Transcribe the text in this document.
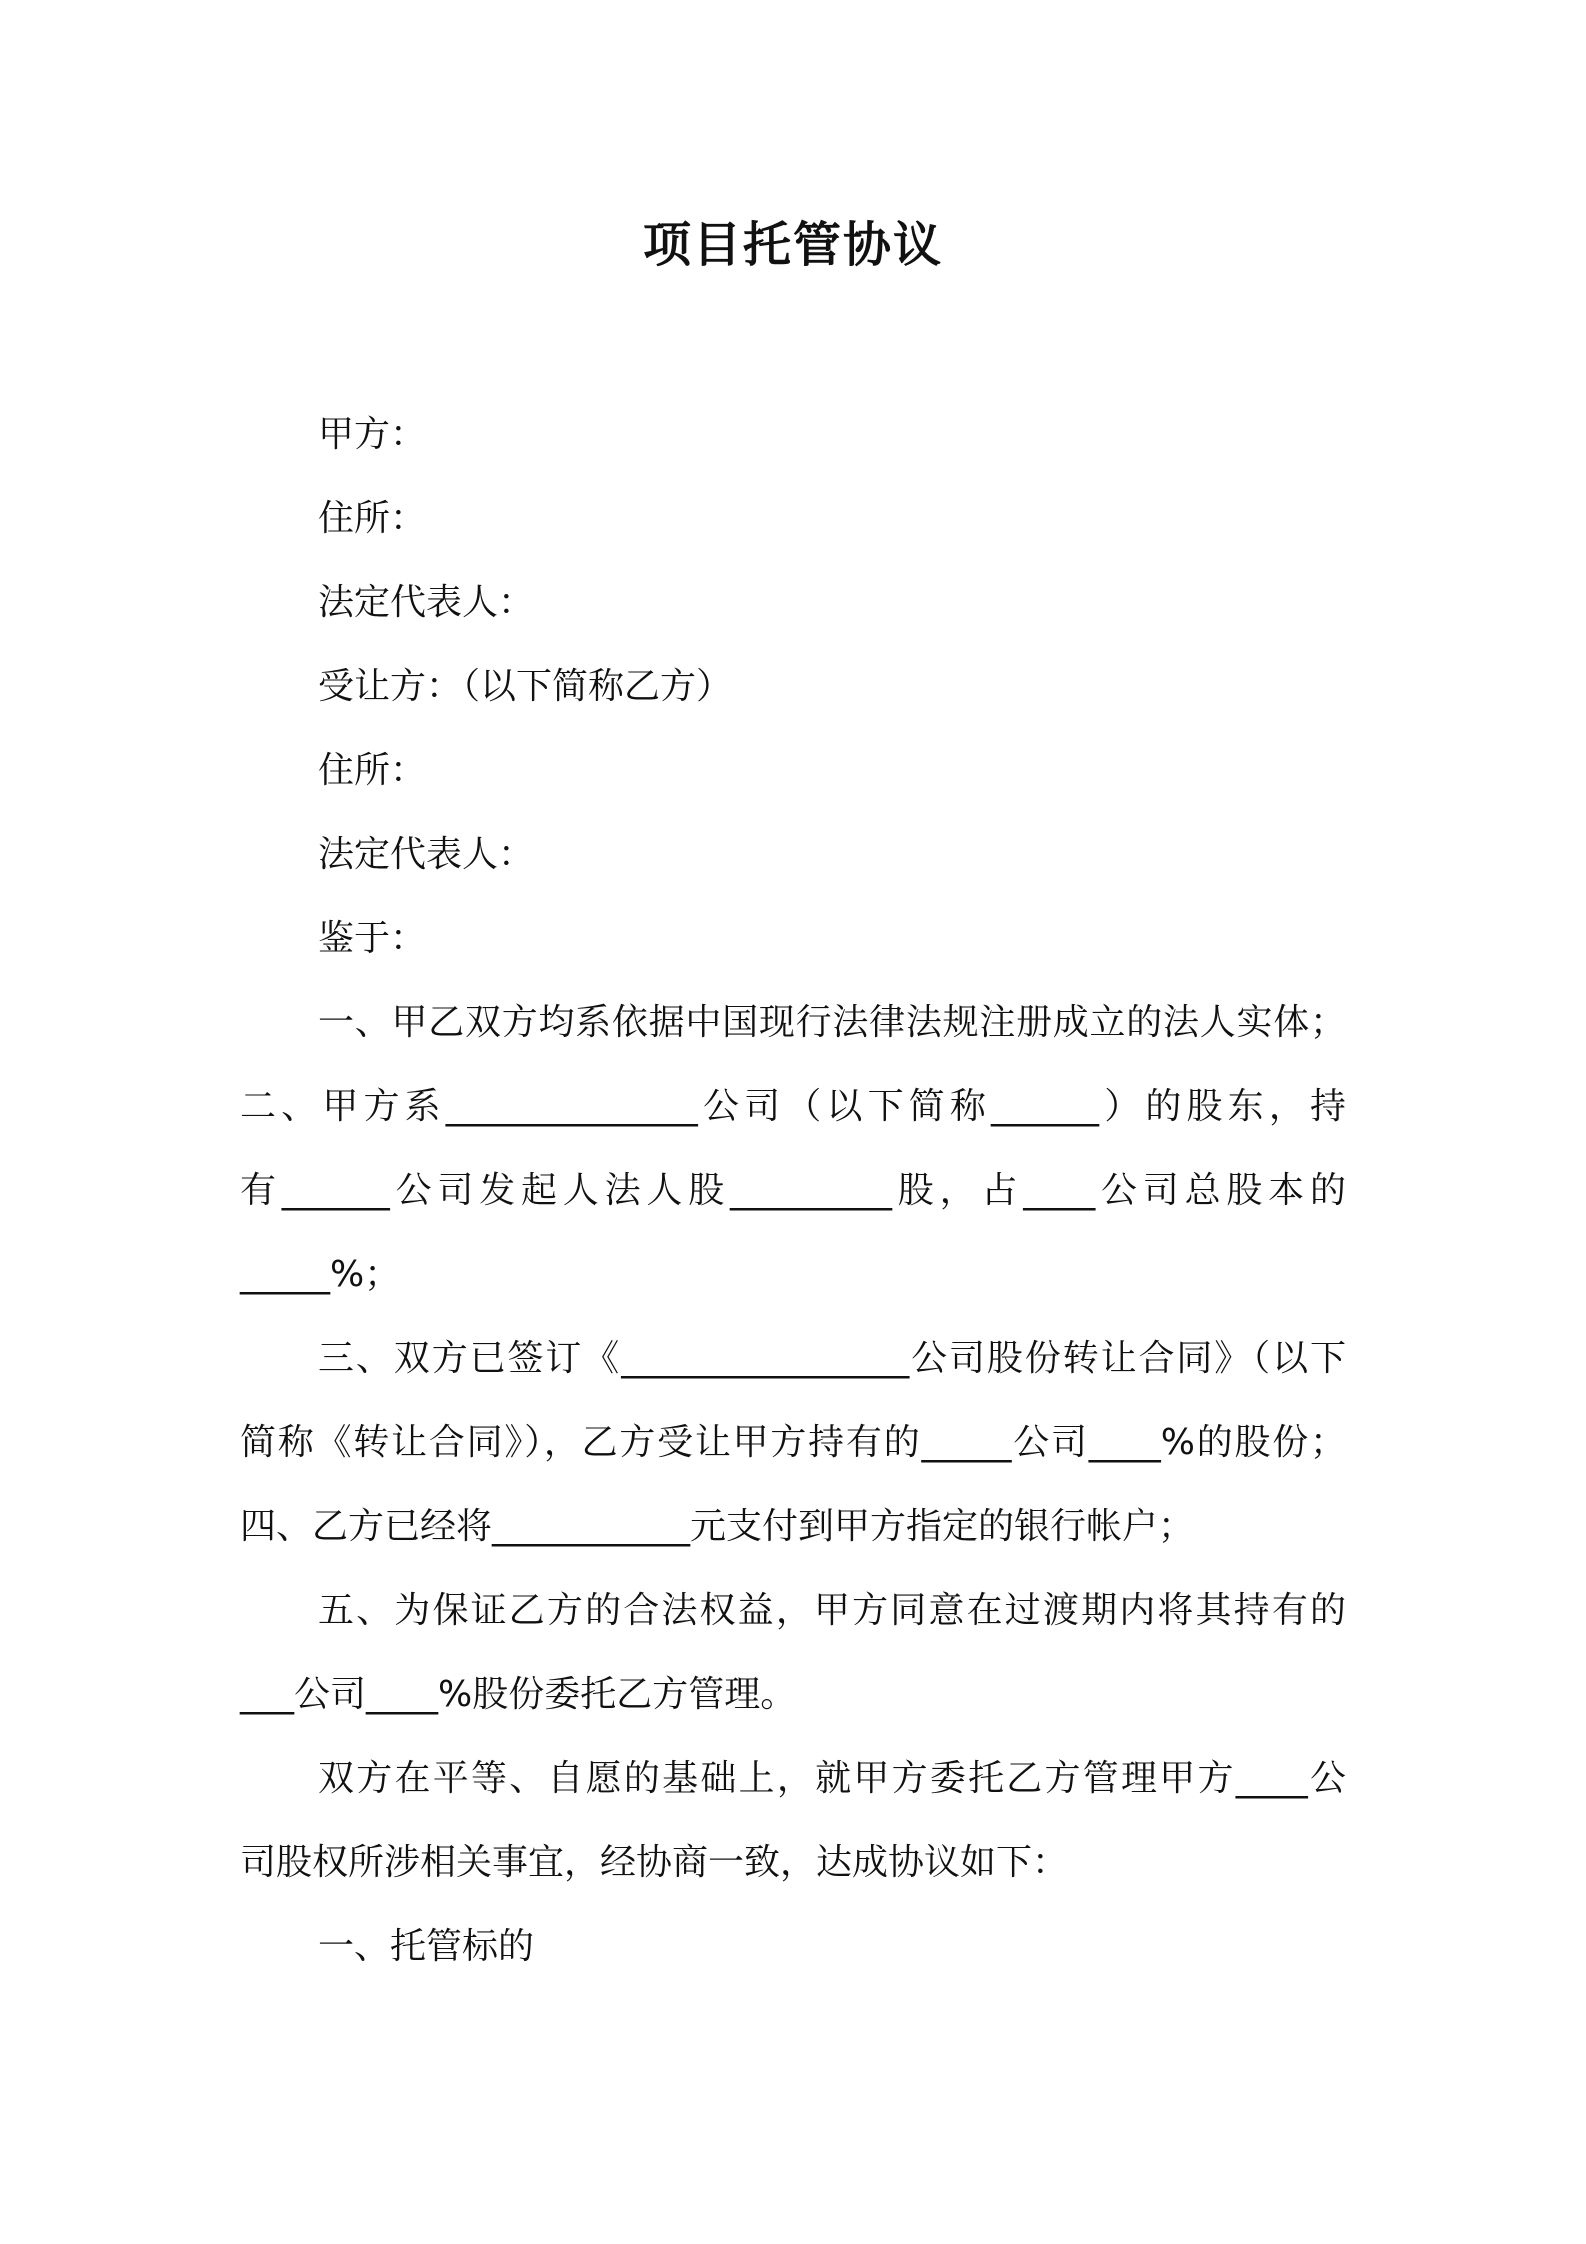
项目托管协议
甲方：
住所：
法定代表人：
受让方：（以下简称乙方）
住所：
法定代表人：
鉴于：
一、甲乙双方均系依据中国现行法律法规注册成立的法人实体；
二、甲方系______________公司（以下简称______）的股东，持
有______公司发起人法人股_________股，占____公司总股本的
_____%；
三、双方已签订《________________公司股份转让合同》（以下
简称《转让合同》），乙方受让甲方持有的_____公司____%的股份；
四、乙方已经将___________元支付到甲方指定的银行帐户；
五、为保证乙方的合法权益，甲方同意在过渡期内将其持有的
___公司____%股份委托乙方管理。
双方在平等、自愿的基础上，就甲方委托乙方管理甲方____公
司股权所涉相关事宜，经协商一致，达成协议如下：
一、托管标的
